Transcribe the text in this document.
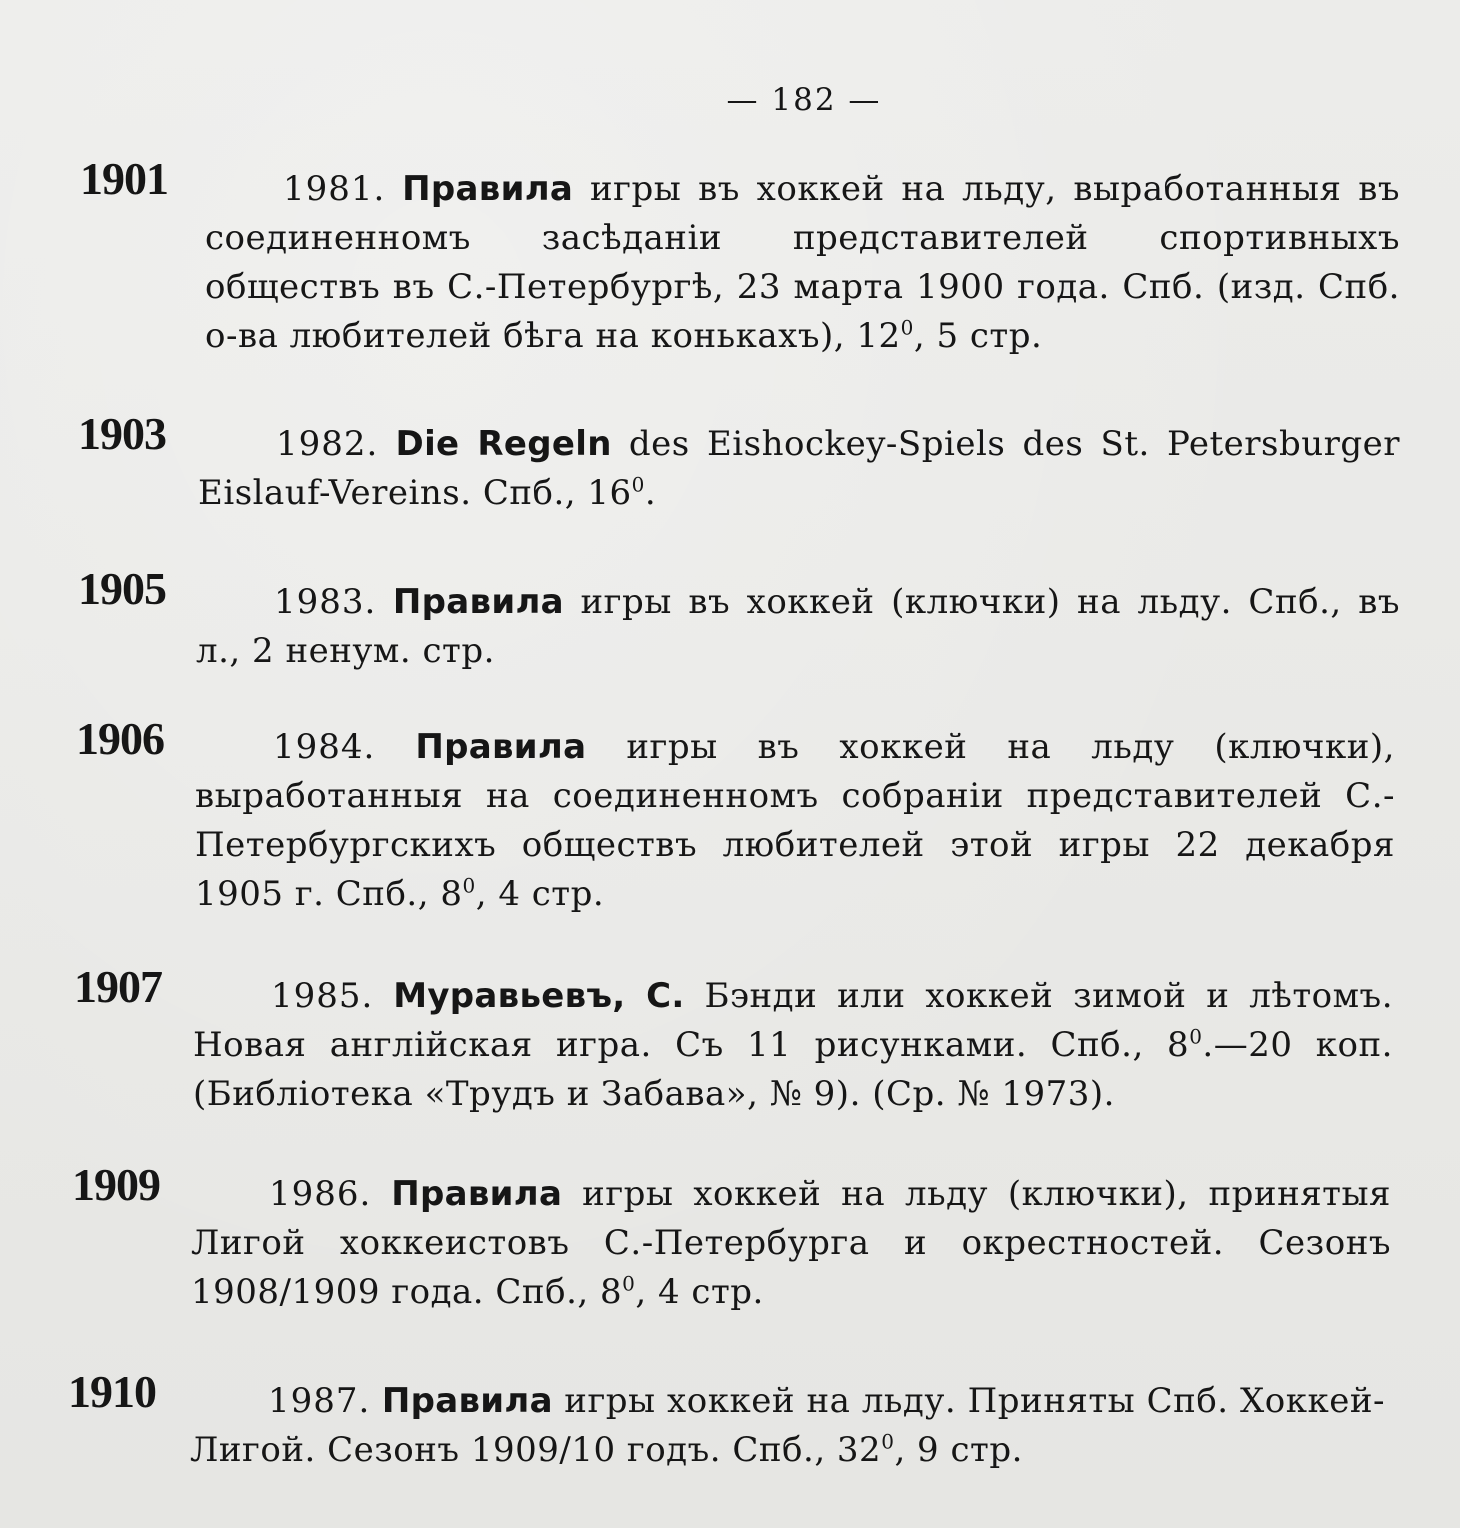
— 182 —
1901	1981. Правила игры въ хоккей на льду, выработанныя въ соединенномъ засѣданіи представителей спортивныхъ обществъ въ С.-Петербургѣ, 23 марта 1900 года. Спб. (изд. Спб. о-ва любителей бѣга на конькахъ), $12^0$, 5 стр.
1903	1982. Die Regeln des Eishockey-Spiels des St. Petersburger Eislauf-Vereins. Спб., $16^0$.
1905	1983. Правила игры въ хоккей (ключки) на льду. Спб., въ л., 2 ненум. стр.
1906	1984. Правила игры въ хоккей на льду (ключки), выработанныя на соединенномъ собраніи представителей С.-Петербургскихъ обществъ любителей этой игры 22 декабря 1905 г. Спб., $8^0$, 4 стр.
1907	1985. Муравьевъ, С. Бэнди или хоккей зимой и лѣтомъ. Новая англійская игра. Съ 11 рисунками. Спб., $8^0.—20$ коп. (Библіотека «Трудъ и Забава», № 9). (Ср. № 1973).
1909	1986. Правила игры хоккей на льду (ключки), принятыя Лигой хоккеистовъ С.-Петербурга и окрестностей. Сезонъ 1908/1909 года. Спб., $8^0$, 4 стр.
1910	1987. Правила игры хоккей на льду. Приняты Спб. Хоккей-Лигой. Сезонъ 1909/10 годъ. Спб., $32^0$, 9 стр.
